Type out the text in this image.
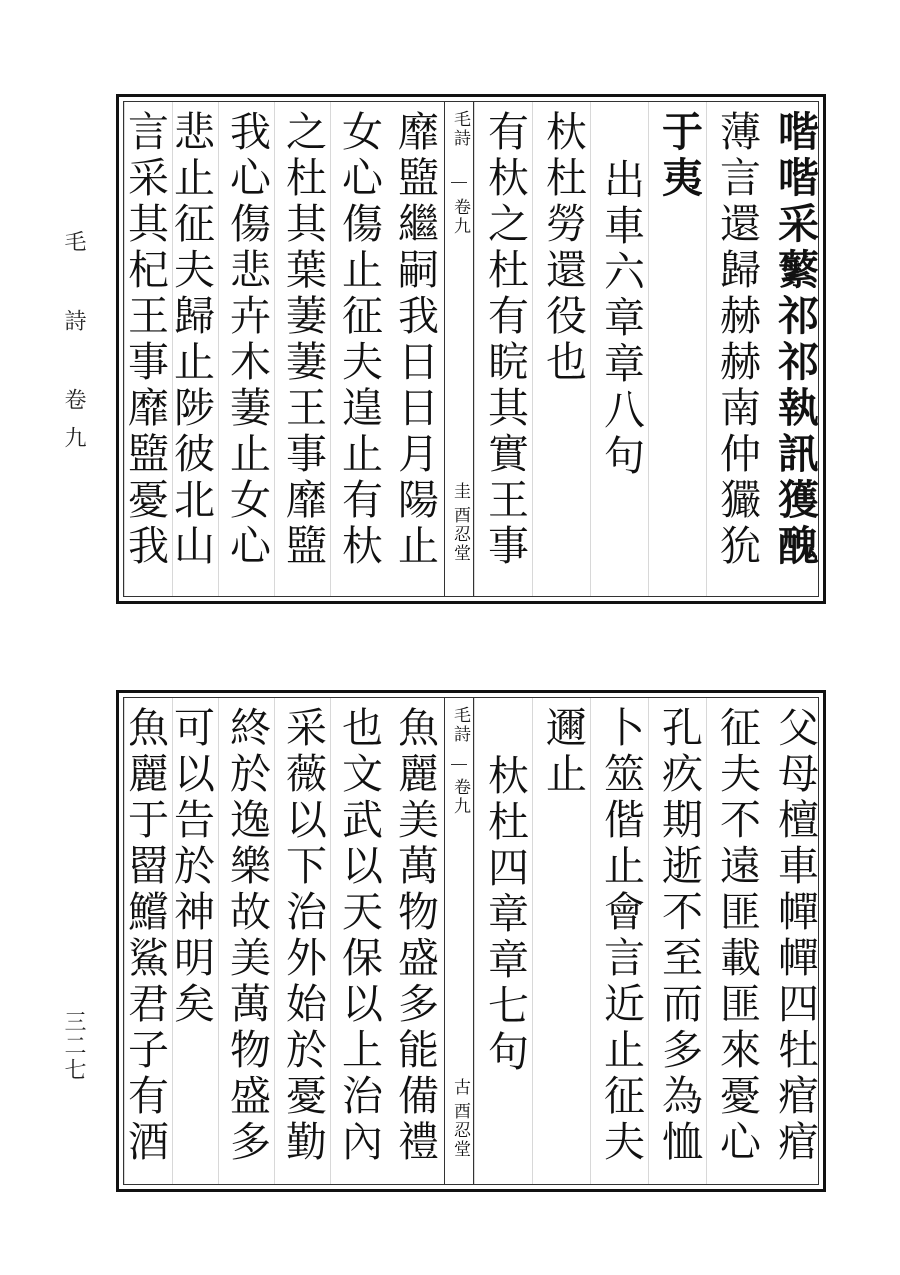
毛 詩 卷九
三二七
喈喈采蘩祁祁執訊獲醜
薄言還歸赫赫南仲玁狁
于夷
出車六章章八句
杕杜勞還役也
有杕之杜有睆其實王事
毛詩
卷九
圭
酉忍堂
靡盬繼嗣我日日月陽止
女心傷止征夫遑止有杕
之杜其葉萋萋王事靡盬
我心傷悲卉木萋止女心
悲止征夫歸止陟彼北山
言采其杞王事靡盬憂我
父母檀車幝幝四牡痯痯
征夫不遠匪載匪來憂心
孔疚期逝不至而多為恤
卜筮偕止會言近止征夫
邇止
杕杜四章章七句
毛詩
卷九
古
酉忍堂
魚麗美萬物盛多能備禮
也文武以天保以上治內
采薇以下治外始於憂勤
終於逸樂故美萬物盛多
可以告於神明矣
魚麗于罶鱨鯊君子有酒
